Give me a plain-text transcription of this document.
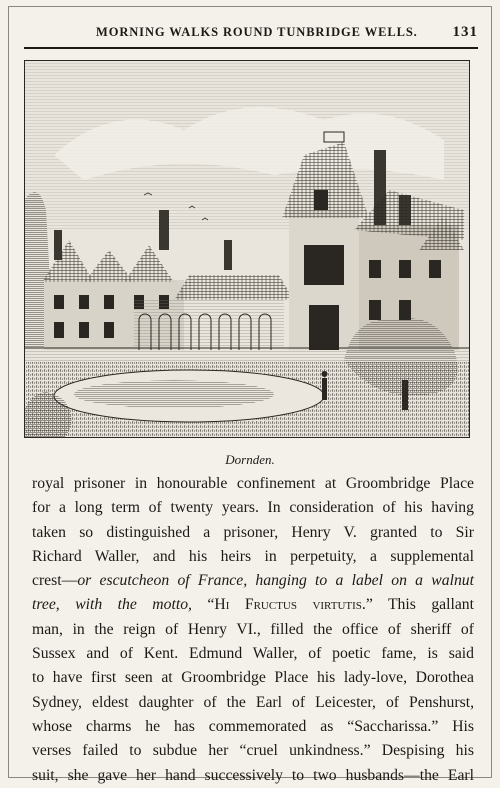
MORNING WALKS ROUND TUNBRIDGE WELLS. 131
Dornden.

royal prisoner in honourable confinement at Groombridge Place

for a long term of twenty years. In consideration of his having

taken so distinguished a prisoner, Henry V. granted to Sir

Richard Waller, and his heirs in perpetuity, a supplemental

crest—or escutcheon of France, hanging to a label on a walnut

tree, with the motto, “Hi Fructus virtutis.” This gallant

man, in the reign of Henry VI., filled the office of sheriff of

Sussex and of Kent. Edmund Waller, of poetic fame, is said

to have first seen at Groombridge Place his lady-love, Dorothea

Sydney, eldest daughter of the Earl of Leicester, of Penshurst,

whose charms he has commemorated as “Saccharissa.” His

verses failed to subdue her “cruel unkindness.” Despising his

suit, she gave her hand successively to two husbands—the Earl
